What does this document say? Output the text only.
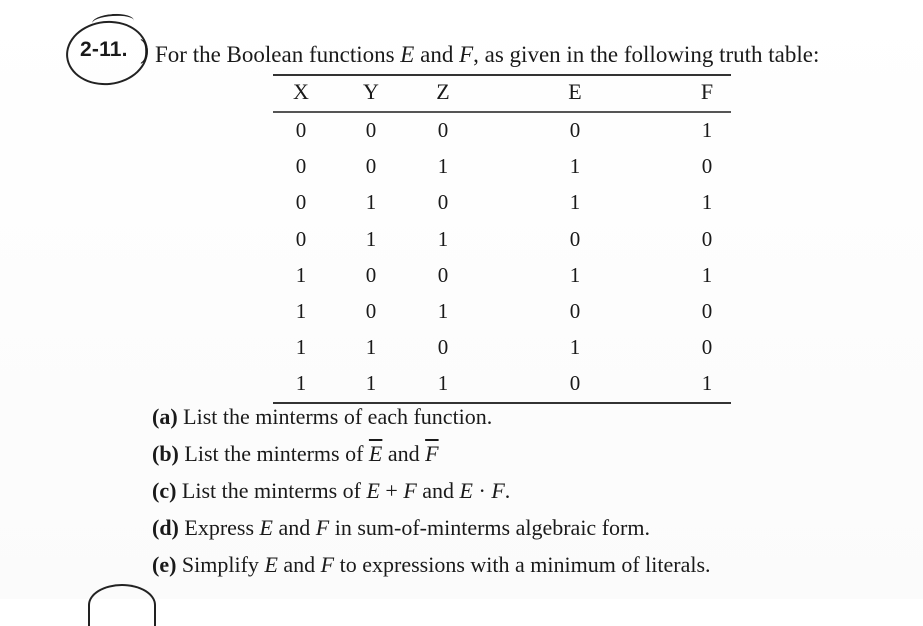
2-11. ) For the Boolean functions E and F, as given in the following truth table:
X	Y	Z	E	F
0	0	0	0	1
0	0	1	1	0
0	1	0	1	1
0	1	1	0	0
1	0	0	1	1
1	0	1	0	0
1	1	0	1	0
1	1	1	0	1
(a) List the minterms of each function.
(b) List the minterms of $\overline{E}$ and $\overline{F}$
(c) List the minterms of E + F and E · F.
(d) Express E and F in sum-of-minterms algebraic form.
(e) Simplify E and F to expressions with a minimum of literals.
